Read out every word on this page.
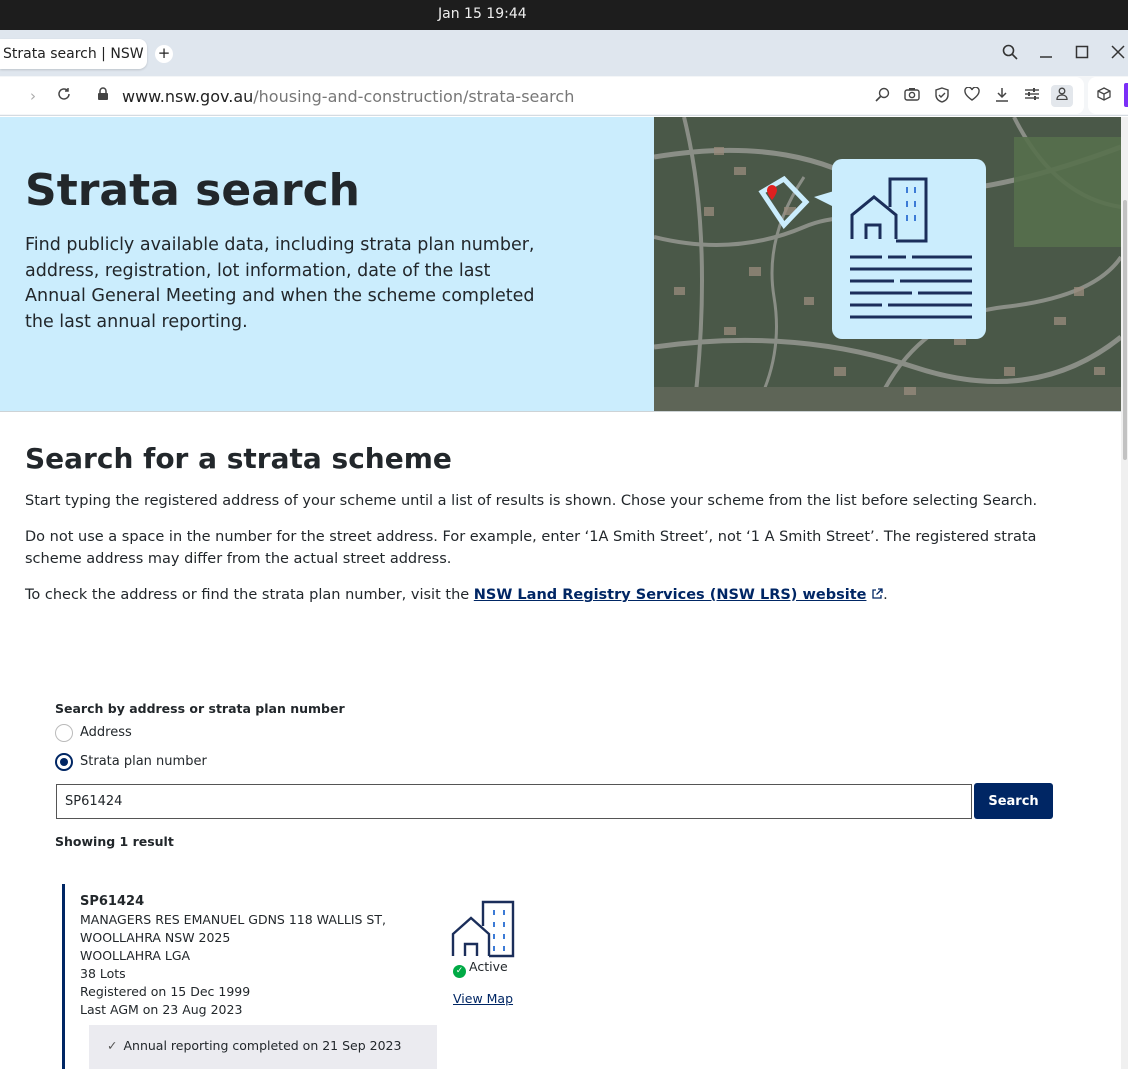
Jan 15 19:44
Strata search | NSW +
›	www.nsw.gov.au/housing-and-construction/strata-search
Strata search

Find publicly available data, including strata plan number, address, registration, lot information, date of the last Annual General Meeting and when the scheme completed the last annual reporting.

Search for a strata scheme

Start typing the registered address of your scheme until a list of results is shown. Chose your scheme from the list before selecting Search.

Do not use a space in the number for the street address. For example, enter ‘1A Smith Street’, not ‘1 A Smith Street’. The registered strata scheme address may differ from the actual street address.

To check the address or find the strata plan number, visit the NSW Land Registry Services (NSW LRS) website .

Search by address or strata plan number
Address
Strata plan number
SP61424
Search
Showing 1 result
SP61424
MANAGERS RES EMANUEL GDNS 118 WALLIS ST,
WOOLLAHRA NSW 2025
WOOLLAHRA LGA
38 Lots
Registered on 15 Dec 1999
Last AGM on 23 Aug 2023
✓ Active
View Map
✓ Annual reporting completed on 21 Sep 2023
